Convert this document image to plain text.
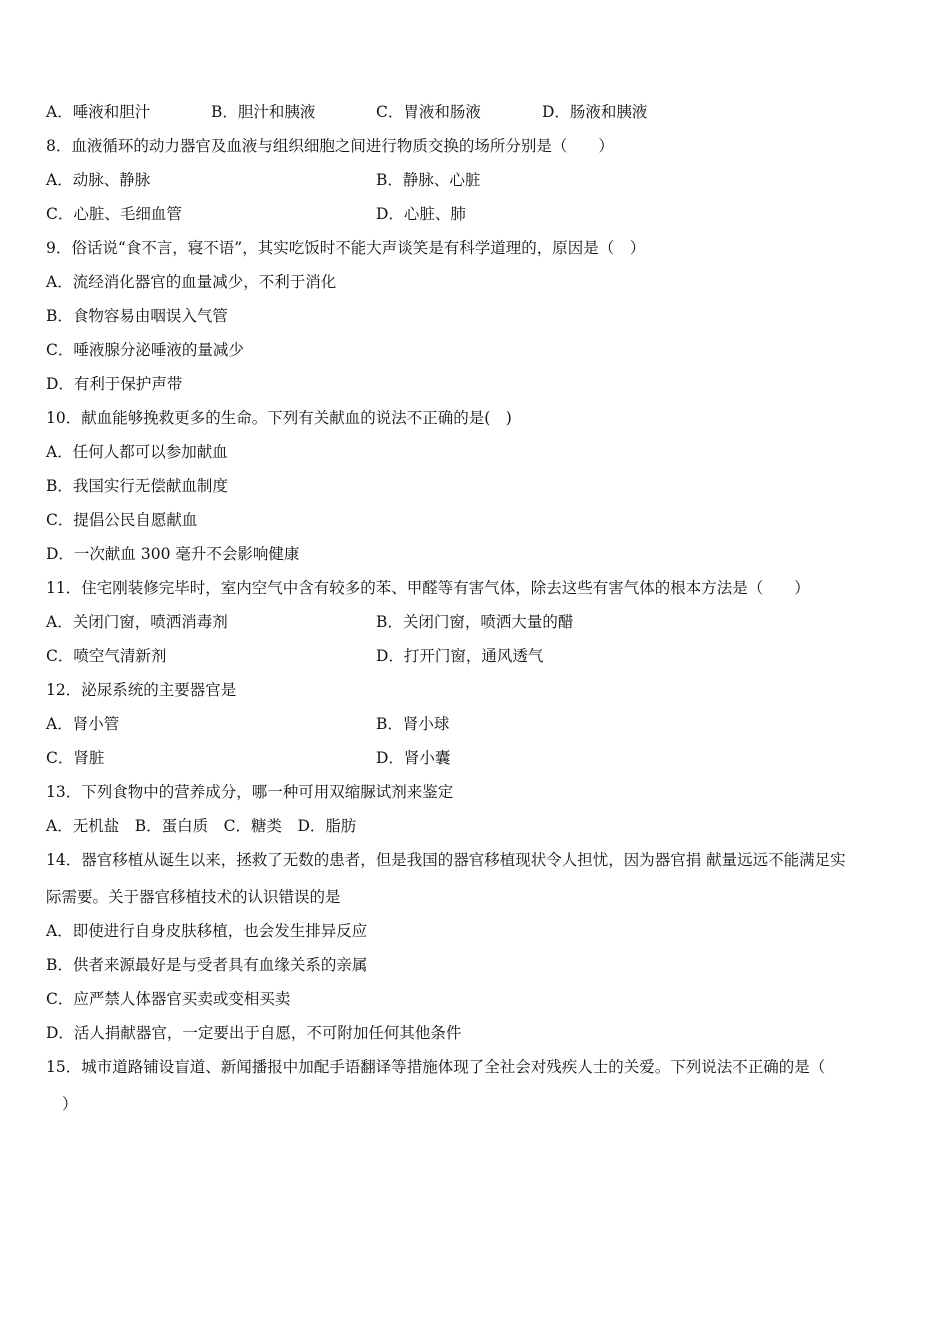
A．唾液和胆汁	B．胆汁和胰液	C．胃液和肠液	D．肠液和胰液
8．血液循环的动力器官及血液与组织细胞之间进行物质交换的场所分别是（　　）
A．动脉、静脉	B．静脉、心脏
C．心脏、毛细血管	D．心脏、肺
9．俗话说“食不言，寝不语”，其实吃饭时不能大声谈笑是有科学道理的，原因是（　）
A．流经消化器官的血量减少，不利于消化
B．食物容易由咽误入气管
C．唾液腺分泌唾液的量减少
D．有利于保护声带
10．献血能够挽救更多的生命。下列有关献血的说法不正确的是(　)
A．任何人都可以参加献血
B．我国实行无偿献血制度
C．提倡公民自愿献血
D．一次献血 300 毫升不会影响健康
11．住宅刚装修完毕时，室内空气中含有较多的苯、甲醛等有害气体，除去这些有害气体的根本方法是（　　）
A．关闭门窗，喷洒消毒剂	B．关闭门窗，喷洒大量的醋
C．喷空气清新剂	D．打开门窗，通风透气
12．泌尿系统的主要器官是
A．肾小管	B．肾小球
C．肾脏	D．肾小囊
13．下列食物中的营养成分，哪一种可用双缩脲试剂来鉴定
A．无机盐　B．蛋白质　C．糖类　D．脂肪
14．器官移植从诞生以来，拯救了无数的患者，但是我国的器官移植现状令人担忧，因为器官捐 献量远远不能满足实
际需要。关于器官移植技术的认识错误的是
A．即使进行自身皮肤移植，也会发生排异反应
B．供者来源最好是与受者具有血缘关系的亲属
C．应严禁人体器官买卖或变相买卖
D．活人捐献器官，一定要出于自愿，不可附加任何其他条件
15．城市道路铺设盲道、新闻播报中加配手语翻译等措施体现了全社会对残疾人士的关爱。下列说法不正确的是（
）
